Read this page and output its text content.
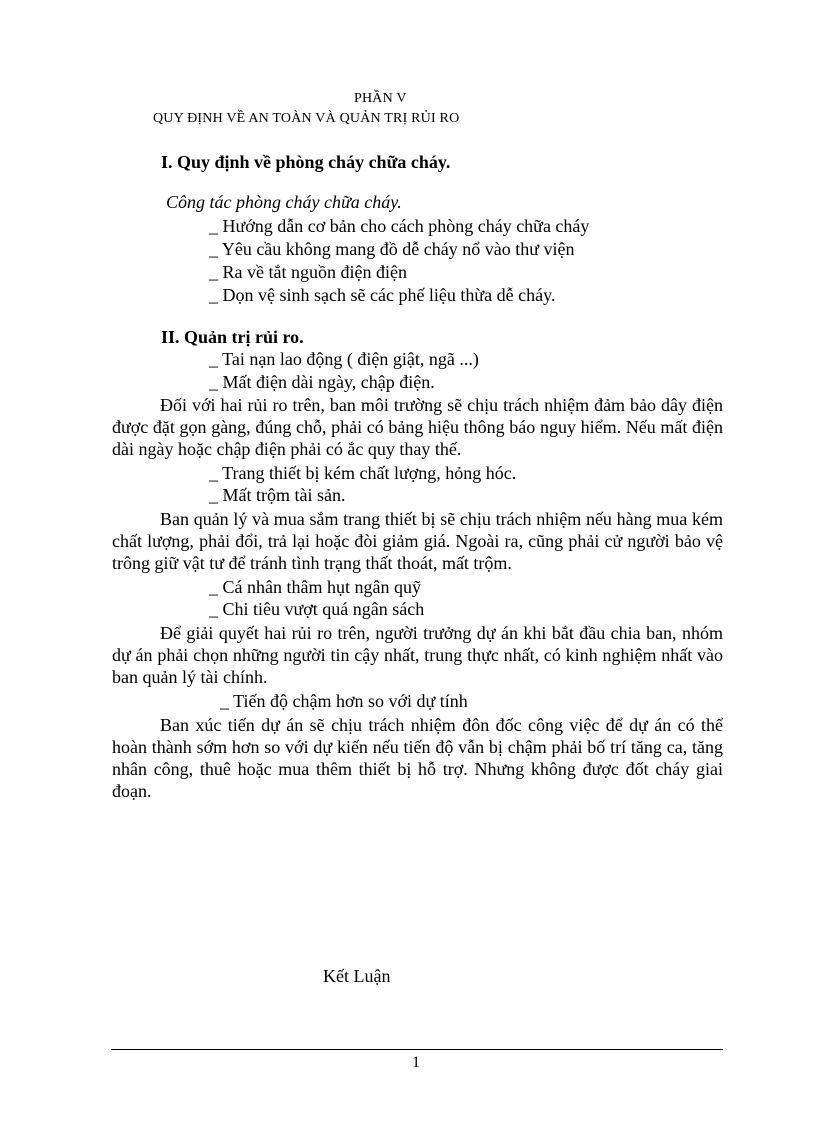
PHẦN V
QUY ĐỊNH VỀ AN TOÀN VÀ QUẢN TRỊ RỦI RO
I. Quy định về phòng cháy chữa cháy.
Công tác phòng cháy chữa cháy.
_ Hướng dẫn cơ bản cho cách phòng cháy chữa cháy
_ Yêu cầu không mang đồ dễ cháy nổ vào thư viện
_ Ra về tắt nguồn điện điện
_ Dọn vệ sinh sạch sẽ các phế liệu thừa dễ cháy.
II. Quản trị rủi ro.
_ Tai nạn lao động ( điện giật, ngã ...)
_ Mất điện dài ngày, chập điện.
Đối với hai rủi ro trên, ban môi trường sẽ chịu trách nhiệm đảm bảo dây điện được đặt gọn gàng, đúng chỗ, phải có bảng hiệu thông báo nguy hiểm. Nếu mất điện dài ngày hoặc chập điện phải có ắc quy thay thế.
_ Trang thiết bị kém chất lượng, hỏng hóc.
_ Mất trộm tài sản.
Ban quản lý và mua sắm trang thiết bị sẽ chịu trách nhiệm nếu hàng mua kém chất lượng, phải đổi, trả lại hoặc đòi giảm giá. Ngoài ra, cũng phải cử người bảo vệ trông giữ vật tư để tránh tình trạng thất thoát, mất trộm.
_ Cá nhân thâm hụt ngân quỹ
_ Chi tiêu vượt quá ngân sách
Để giải quyết hai rủi ro trên, người trưởng dự án khi bắt đầu chia ban, nhóm dự án phải chọn những người tin cậy nhất, trung thực nhất, có kinh nghiệm nhất vào ban quản lý tài chính.
_ Tiến độ chậm hơn so với dự tính
Ban xúc tiến dự án sẽ chịu trách nhiệm đôn đốc công việc để dự án có thể hoàn thành sớm hơn so với dự kiến nếu tiến độ vẫn bị chậm phải bố trí tăng ca, tăng nhân công, thuê hoặc mua thêm thiết bị hỗ trợ. Nhưng không được đốt cháy giai đoạn.
Kết Luận
1
